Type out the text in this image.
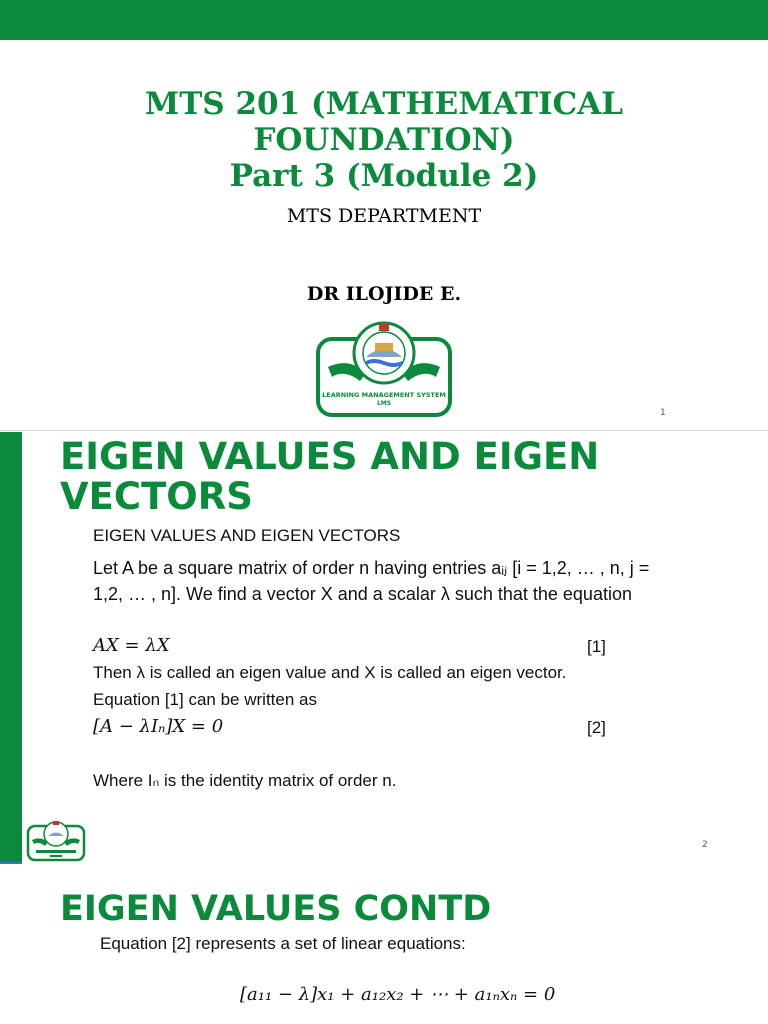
MTS 201 (MATHEMATICAL
FOUNDATION)
Part 3 (Module 2)
MTS DEPARTMENT
DR ILOJIDE E.
LEARNING MANAGEMENT SYSTEM
LMS
1
EIGEN VALUES AND EIGEN
VECTORS
EIGEN VALUES AND EIGEN VECTORS
Let A be a square matrix of order n having entries aᵢⱼ [i = 1,2, … , n, j =
1,2, … , n]. We find a vector X and a scalar λ such that the equation
AX = λX	[1]
Then λ is called an eigen value and X is called an eigen vector.
Equation [1] can be written as
[A − λIₙ]X = 0	[2]
Where Iₙ is the identity matrix of order n.
2
EIGEN VALUES CONTD
Equation [2] represents a set of linear equations:
[a₁₁ − λ]x₁ + a₁₂x₂ + ⋯ + a₁ₙxₙ = 0
